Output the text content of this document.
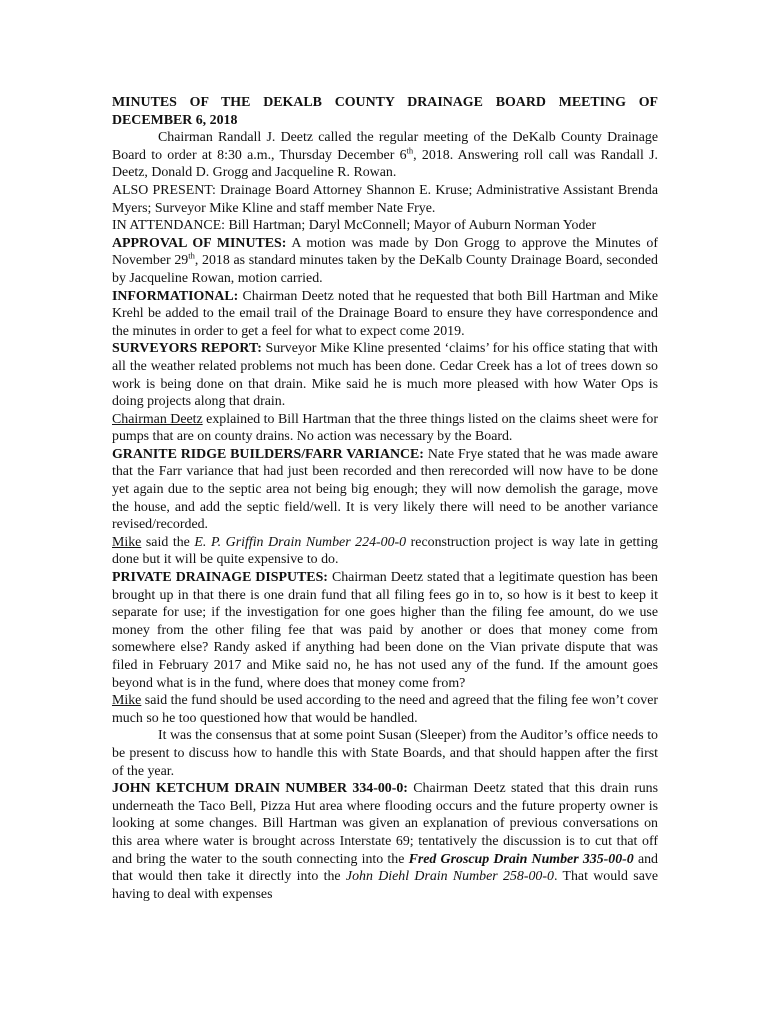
MINUTES OF THE DEKALB COUNTY DRAINAGE BOARD MEETING OF DECEMBER 6, 2018

Chairman Randall J. Deetz called the regular meeting of the DeKalb County Drainage Board to order at 8:30 a.m., Thursday December 6th, 2018. Answering roll call was Randall J. Deetz, Donald D. Grogg and Jacqueline R. Rowan.

ALSO PRESENT: Drainage Board Attorney Shannon E. Kruse; Administrative Assistant Brenda Myers; Surveyor Mike Kline and staff member Nate Frye.

IN ATTENDANCE: Bill Hartman; Daryl McConnell; Mayor of Auburn Norman Yoder

APPROVAL OF MINUTES: A motion was made by Don Grogg to approve the Minutes of November 29th, 2018 as standard minutes taken by the DeKalb County Drainage Board, seconded by Jacqueline Rowan, motion carried.

INFORMATIONAL: Chairman Deetz noted that he requested that both Bill Hartman and Mike Krehl be added to the email trail of the Drainage Board to ensure they have correspondence and the minutes in order to get a feel for what to expect come 2019.

SURVEYORS REPORT: Surveyor Mike Kline presented ‘claims’ for his office stating that with all the weather related problems not much has been done. Cedar Creek has a lot of trees down so work is being done on that drain. Mike said he is much more pleased with how Water Ops is doing projects along that drain.

Chairman Deetz explained to Bill Hartman that the three things listed on the claims sheet were for pumps that are on county drains. No action was necessary by the Board.

GRANITE RIDGE BUILDERS/FARR VARIANCE: Nate Frye stated that he was made aware that the Farr variance that had just been recorded and then rerecorded will now have to be done yet again due to the septic area not being big enough; they will now demolish the garage, move the house, and add the septic field/well. It is very likely there will need to be another variance revised/recorded.

Mike said the E. P. Griffin Drain Number 224-00-0 reconstruction project is way late in getting done but it will be quite expensive to do.

PRIVATE DRAINAGE DISPUTES: Chairman Deetz stated that a legitimate question has been brought up in that there is one drain fund that all filing fees go in to, so how is it best to keep it separate for use; if the investigation for one goes higher than the filing fee amount, do we use money from the other filing fee that was paid by another or does that money come from somewhere else? Randy asked if anything had been done on the Vian private dispute that was filed in February 2017 and Mike said no, he has not used any of the fund. If the amount goes beyond what is in the fund, where does that money come from?

Mike said the fund should be used according to the need and agreed that the filing fee won’t cover much so he too questioned how that would be handled.

It was the consensus that at some point Susan (Sleeper) from the Auditor’s office needs to be present to discuss how to handle this with State Boards, and that should happen after the first of the year.

JOHN KETCHUM DRAIN NUMBER 334-00-0: Chairman Deetz stated that this drain runs underneath the Taco Bell, Pizza Hut area where flooding occurs and the future property owner is looking at some changes. Bill Hartman was given an explanation of previous conversations on this area where water is brought across Interstate 69; tentatively the discussion is to cut that off and bring the water to the south connecting into the Fred Groscup Drain Number 335-00-0 and that would then take it directly into the John Diehl Drain Number 258-00-0. That would save having to deal with expenses
